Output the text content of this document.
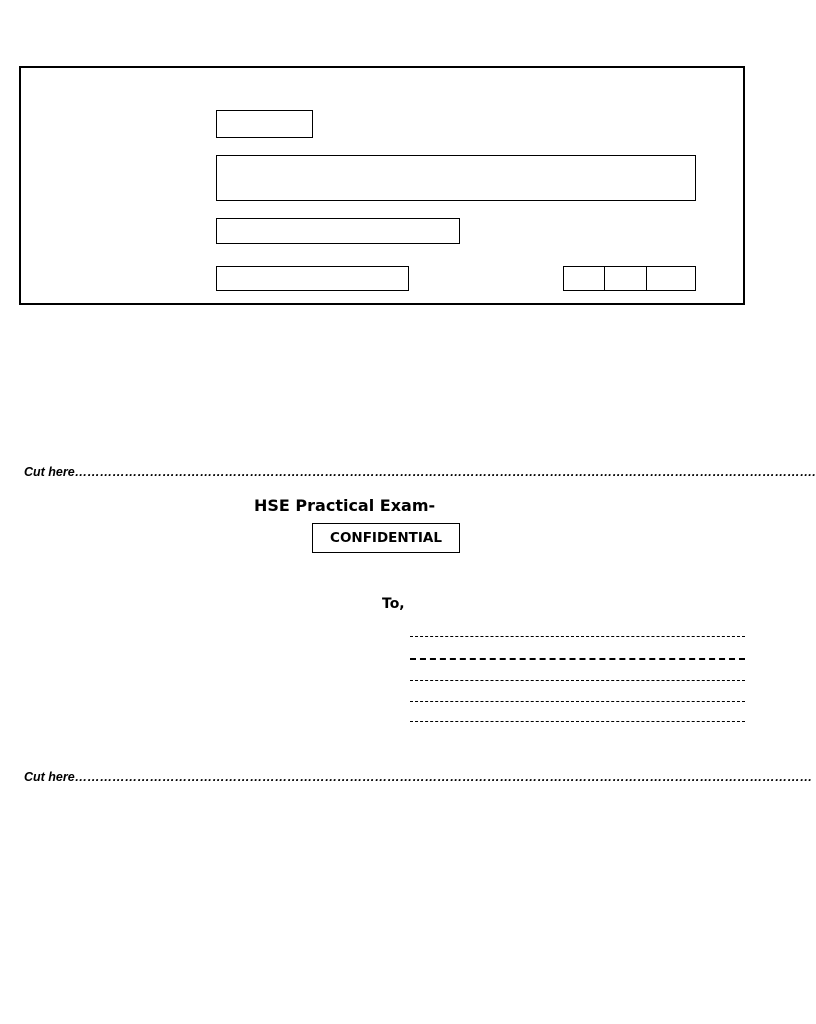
Cut here…………………………………………………………………………………………………………………………………………………………….
HSE Practical Exam-
CONFIDENTIAL
To,
Cut here……………………………………………………………………………………………………………………………………………………………
